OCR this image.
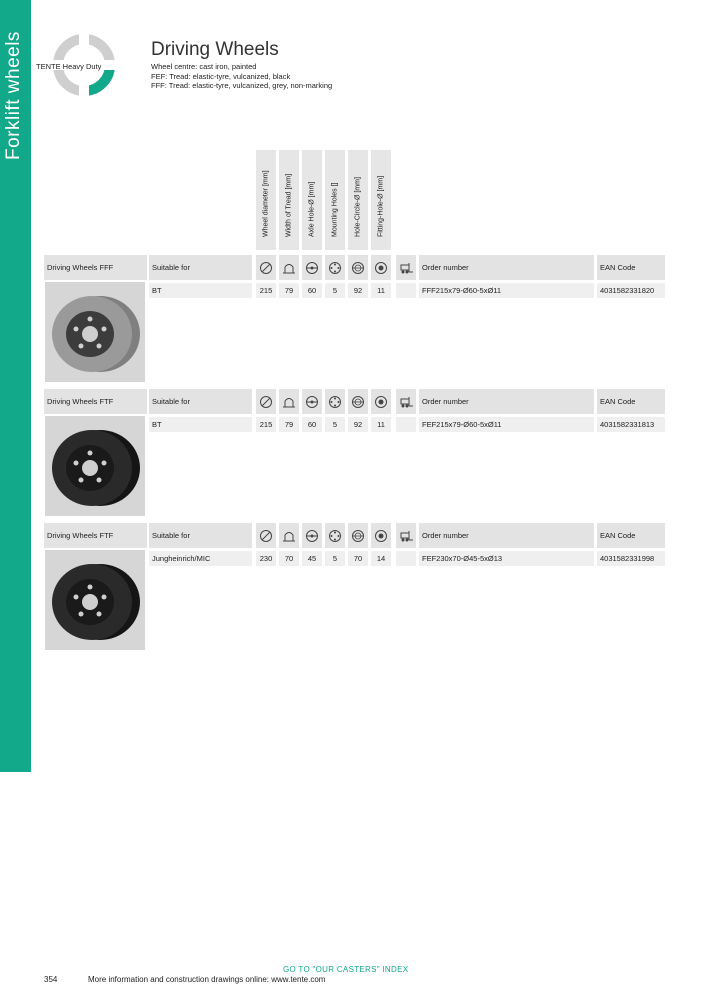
Forklift wheels	TENTE Heavy Duty
Driving Wheels
Wheel centre: cast iron, painted
FEF: Tread: elastic-tyre, vulcanized, black
FFF: Tread: elastic-tyre, vulcanized, grey, non-marking
Wheel diameter [mm] Width of Tread [mm] Axle Hole-Ø [mm] Mounting Holes [] Hole-Circle-Ø [mm] Fitting-Hole-Ø [mm]
Driving Wheels FFF	Suitable for	Order number	EAN Code
BT	215	79	60	5	92	11	FFF215x79-Ø60-5xØ11	4031582331820
Driving Wheels FTF	Suitable for	Order number	EAN Code
BT	215	79	60	5	92	11	FEF215x79-Ø60-5xØ11	4031582331813
Driving Wheels FTF	Suitable for	Order number	EAN Code
Jungheinrich/MIC	230	70	45	5	70	14	FEF230x70-Ø45-5xØ13	4031582331998
GO TO "OUR CASTERS" INDEX
354	More information and construction drawings online: www.tente.com
